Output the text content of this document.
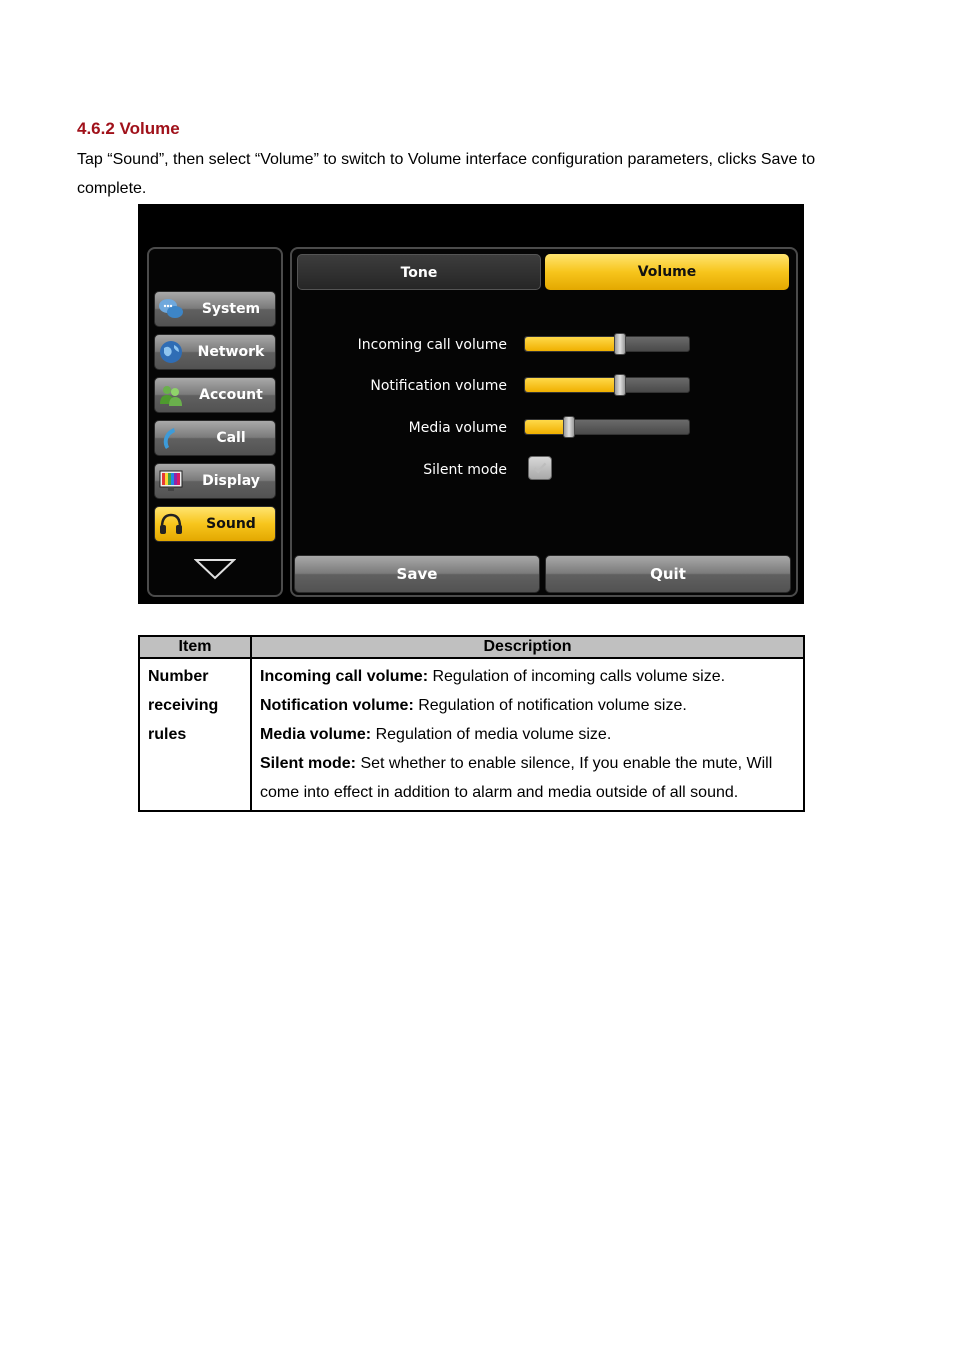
4.6.2 Volume
Tap “Sound”, then select “Volume” to switch to Volume interface configuration parameters, clicks Save to complete.
System
Network
Account
Call
Display
Sound
Tone	Volume
Incoming call volume
Notification volume
Media volume
Silent mode
Save	Quit
Item	Description
Number receiving rules	Incoming call volume: Regulation of incoming calls volume size.

Notification volume: Regulation of notification volume size.

Media volume: Regulation of media volume size.

Silent mode: Set whether to enable silence, If you enable the mute, Will come into effect in addition to alarm and media outside of all sound.
